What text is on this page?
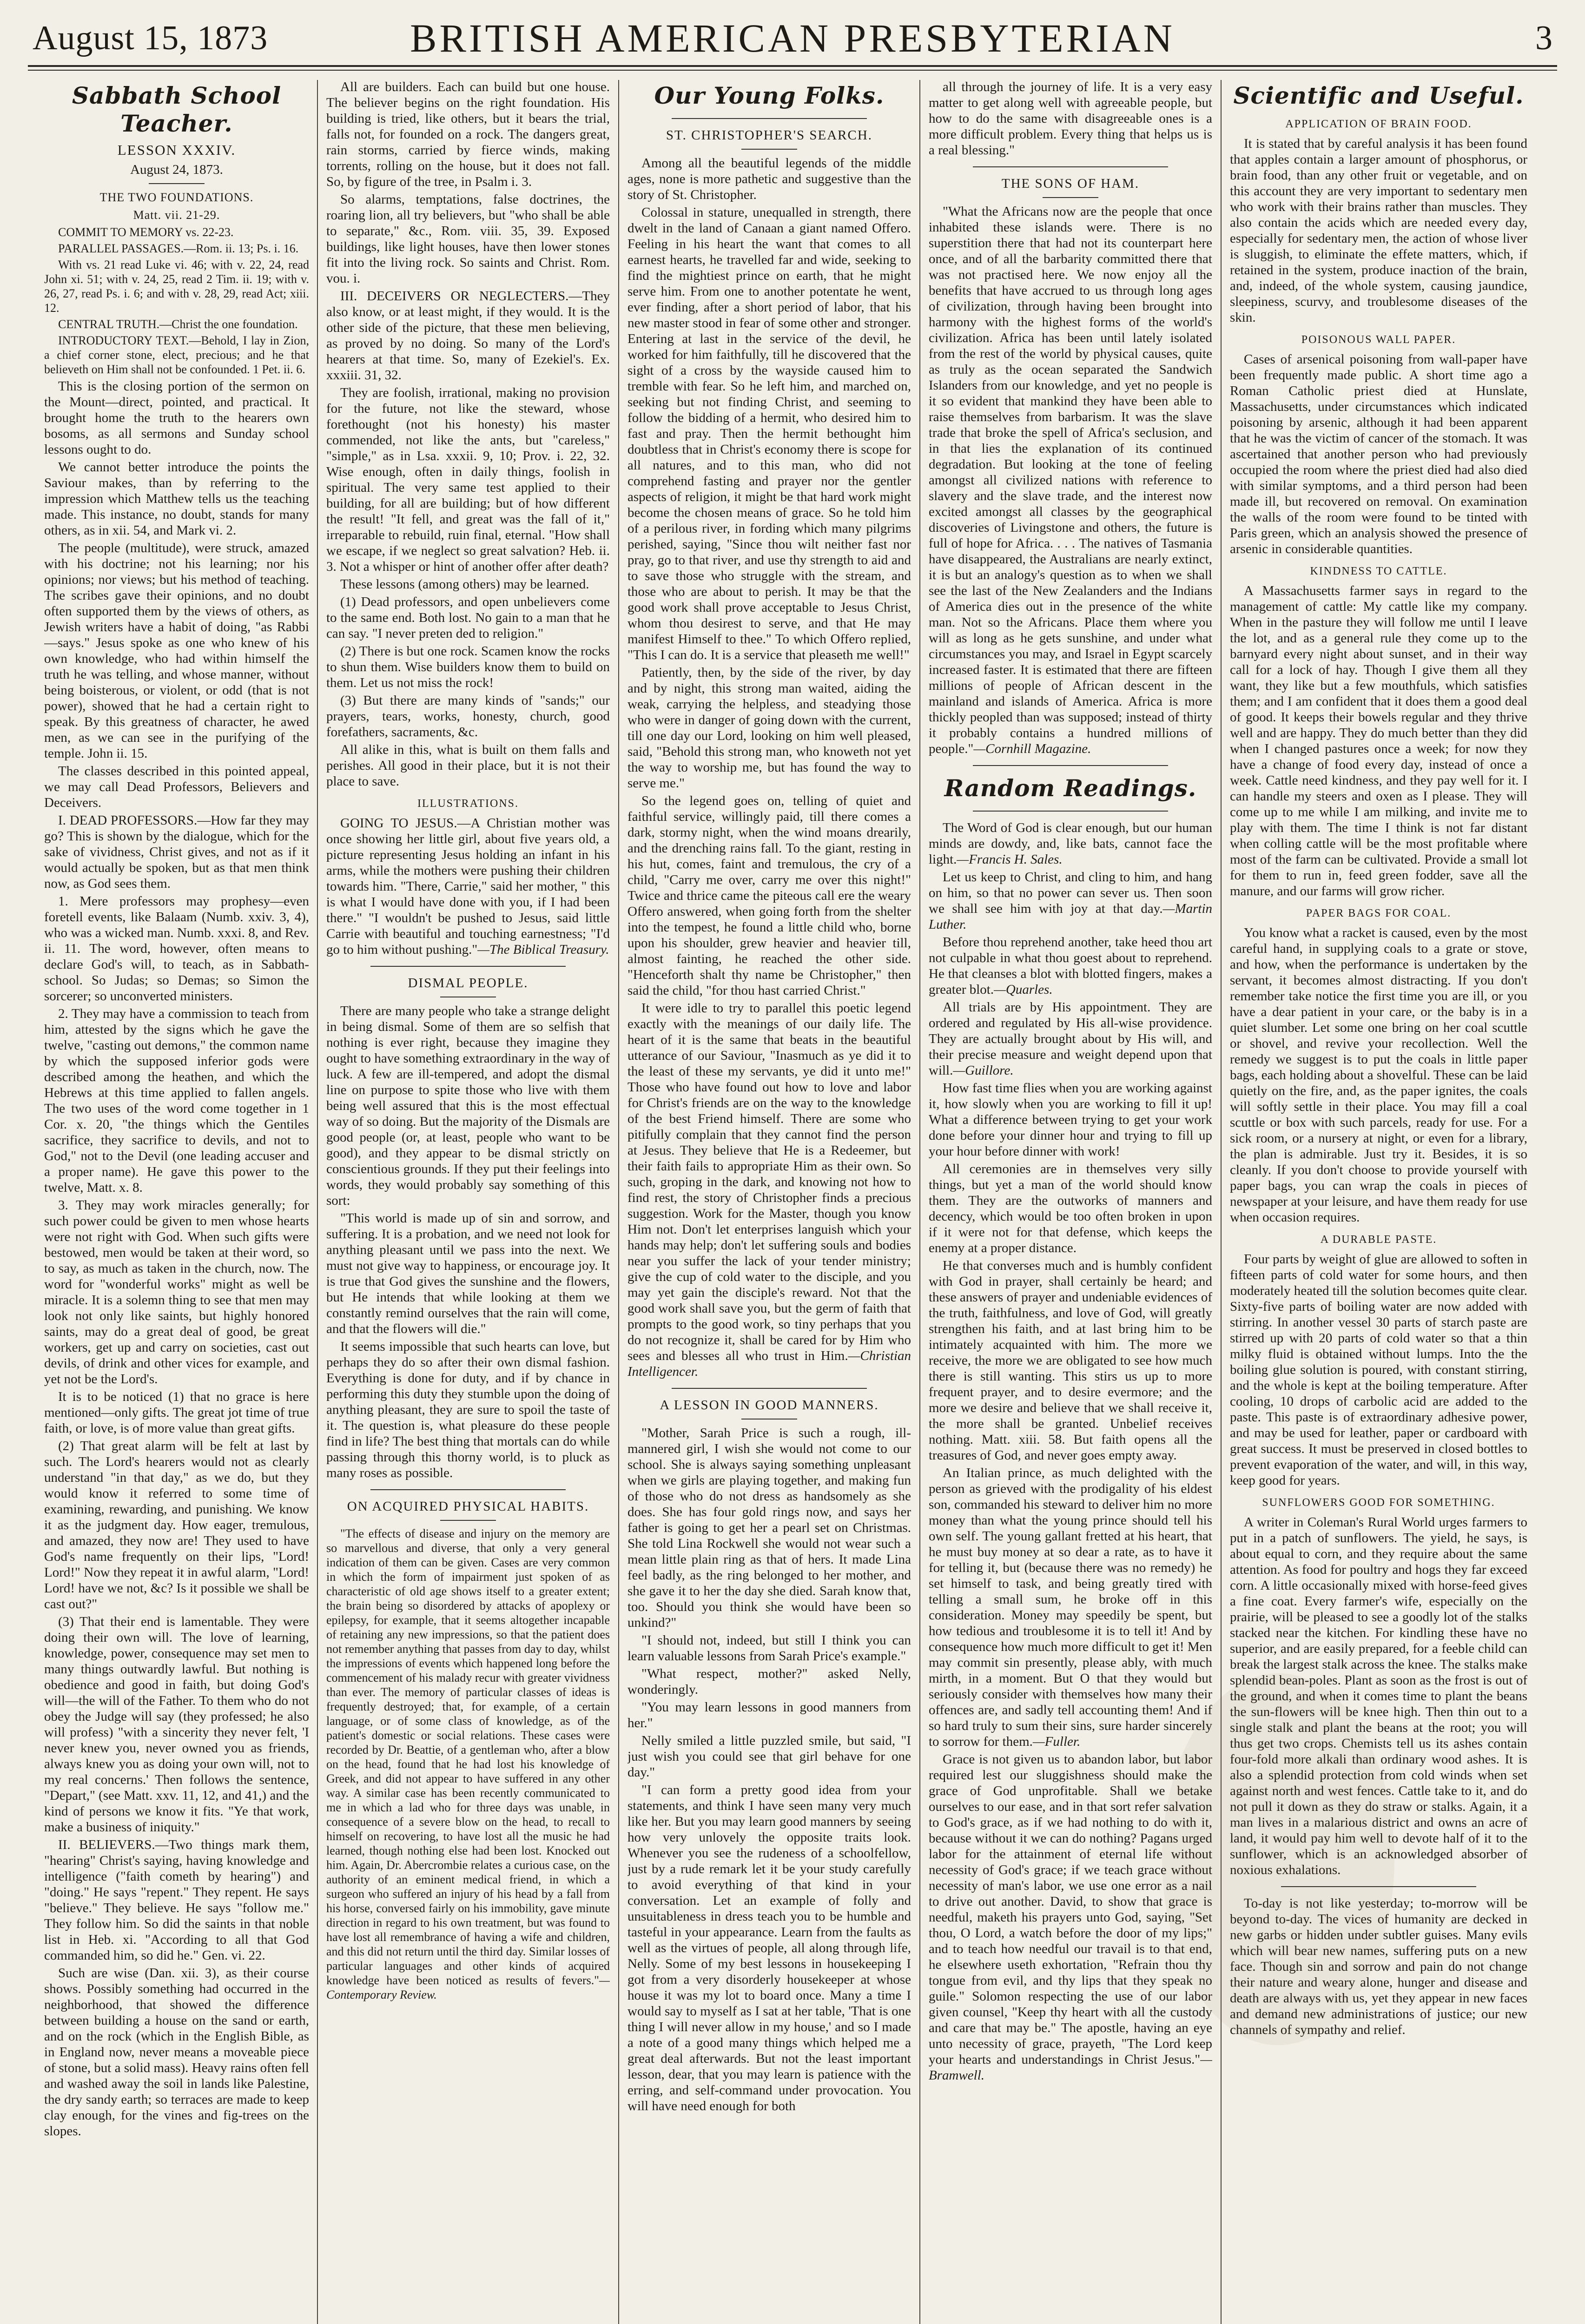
August 15, 1873	BRITISH AMERICAN PRESBYTERIAN	3
Sabbath School Teacher.
LESSON XXXIV.
August 24, 1873.
THE TWO FOUNDATIONS.
Matt. vii. 21-29.

COMMIT TO MEMORY vs. 22-23.

PARALLEL PASSAGES.—Rom. ii. 13; Ps. i. 16.

With vs. 21 read Luke vi. 46; with v. 22, 24, read John xi. 51; with v. 24, 25, read 2 Tim. ii. 19; with v. 26, 27, read Ps. i. 6; and with v. 28, 29, read Act; xiii. 12.

CENTRAL TRUTH.—Christ the one foundation.

INTRODUCTORY TEXT.—Behold, I lay in Zion, a chief corner stone, elect, precious; and he that believeth on Him shall not be confounded. 1 Pet. ii. 6.

This is the closing portion of the sermon on the Mount—direct, pointed, and practical. It brought home the truth to the hearers own bosoms, as all sermons and Sunday school lessons ought to do.

We cannot better introduce the points the Saviour makes, than by referring to the impression which Matthew tells us the teaching made. This instance, no doubt, stands for many others, as in xii. 54, and Mark vi. 2.

The people (multitude), were struck, amazed with his doctrine; not his learning; nor his opinions; nor views; but his method of teaching. The scribes gave their opinions, and no doubt often supported them by the views of others, as Jewish writers have a habit of doing, "as Rabbi—says." Jesus spoke as one who knew of his own knowledge, who had within himself the truth he was telling, and whose manner, without being boisterous, or violent, or odd (that is not power), showed that he had a certain right to speak. By this greatness of character, he awed men, as we can see in the purifying of the temple. John ii. 15.

The classes described in this pointed appeal, we may call Dead Professors, Believers and Deceivers.

I. DEAD PROFESSORS.—How far they may go? This is shown by the dialogue, which for the sake of vividness, Christ gives, and not as if it would actually be spoken, but as that men think now, as God sees them.

1. Mere professors may prophesy—even foretell events, like Balaam (Numb. xxiv. 3, 4), who was a wicked man. Numb. xxxi. 8, and Rev. ii. 11. The word, however, often means to declare God's will, to teach, as in Sabbath-school. So Judas; so Demas; so Simon the sorcerer; so unconverted ministers.

2. They may have a commission to teach from him, attested by the signs which he gave the twelve, "casting out demons," the common name by which the supposed inferior gods were described among the heathen, and which the Hebrews at this time applied to fallen angels. The two uses of the word come together in 1 Cor. x. 20, "the things which the Gentiles sacrifice, they sacrifice to devils, and not to God," not to the Devil (one leading accuser and a proper name). He gave this power to the twelve, Matt. x. 8.

3. They may work miracles generally; for such power could be given to men whose hearts were not right with God. When such gifts were bestowed, men would be taken at their word, so to say, as much as taken in the church, now. The word for "wonderful works" might as well be miracle. It is a solemn thing to see that men may look not only like saints, but highly honored saints, may do a great deal of good, be great workers, get up and carry on societies, cast out devils, of drink and other vices for example, and yet not be the Lord's.

It is to be noticed (1) that no grace is here mentioned—only gifts. The great jot time of true faith, or love, is of more value than great gifts.

(2) That great alarm will be felt at last by such. The Lord's hearers would not as clearly understand "in that day," as we do, but they would know it referred to some time of examining, rewarding, and punishing. We know it as the judgment day. How eager, tremulous, and amazed, they now are! They used to have God's name frequently on their lips, "Lord! Lord!" Now they repeat it in awful alarm, "Lord! Lord! have we not, &c? Is it possible we shall be cast out?"

(3) That their end is lamentable. They were doing their own will. The love of learning, knowledge, power, consequence may set men to many things outwardly lawful. But nothing is obedience and good in faith, but doing God's will—the will of the Father. To them who do not obey the Judge will say (they professed; he also will profess) "with a sincerity they never felt, 'I never knew you, never owned you as friends, always knew you as doing your own will, not to my real concerns.' Then follows the sentence, "Depart," (see Matt. xxv. 11, 12, and 41,) and the kind of persons we know it fits. "Ye that work, make a business of iniquity."

II. BELIEVERS.—Two things mark them, "hearing" Christ's saying, having knowledge and intelligence ("faith cometh by hearing") and "doing." He says "repent." They repent. He says "believe." They believe. He says "follow me." They follow him. So did the saints in that noble list in Heb. xi. "According to all that God commanded him, so did he." Gen. vi. 22.

Such are wise (Dan. xii. 3), as their course shows. Possibly something had occurred in the neighborhood, that showed the difference between building a house on the sand or earth, and on the rock (which in the English Bible, as in England now, never means a moveable piece of stone, but a solid mass). Heavy rains often fell and washed away the soil in lands like Palestine, the dry sandy earth; so terraces are made to keep clay enough, for the vines and fig-trees on the slopes.

All are builders. Each can build but one house. The believer begins on the right foundation. His building is tried, like others, but it bears the trial, falls not, for founded on a rock. The dangers great, rain storms, carried by fierce winds, making torrents, rolling on the house, but it does not fall. So, by figure of the tree, in Psalm i. 3.

So alarms, temptations, false doctrines, the roaring lion, all try believers, but "who shall be able to separate," &c., Rom. viii. 35, 39. Exposed buildings, like light houses, have then lower stones fit into the living rock. So saints and Christ. Rom. vou. i.

III. DECEIVERS OR NEGLECTERS.—They also know, or at least might, if they would. It is the other side of the picture, that these men believing, as proved by no doing. So many of the Lord's hearers at that time. So, many of Ezekiel's. Ex. xxxiii. 31, 32.

They are foolish, irrational, making no provision for the future, not like the steward, whose forethought (not his honesty) his master commended, not like the ants, but "careless," "simple," as in Lsa. xxxii. 9, 10; Prov. i. 22, 32. Wise enough, often in daily things, foolish in spiritual. The very same test applied to their building, for all are building; but of how different the result! "It fell, and great was the fall of it," irreparable to rebuild, ruin final, eternal. "How shall we escape, if we neglect so great salvation? Heb. ii. 3. Not a whisper or hint of another offer after death?

These lessons (among others) may be learned.

(1) Dead professors, and open unbelievers come to the same end. Both lost. No gain to a man that he can say. "I never preten ded to religion."

(2) There is but one rock. Scamen know the rocks to shun them. Wise builders know them to build on them. Let us not miss the rock!

(3) But there are many kinds of "sands;" our prayers, tears, works, honesty, church, good forefathers, sacraments, &c.

All alike in this, what is built on them falls and perishes. All good in their place, but it is not their place to save.

ILLUSTRATIONS.

GOING TO JESUS.—A Christian mother was once showing her little girl, about five years old, a picture representing Jesus holding an infant in his arms, while the mothers were pushing their children towards him. "There, Carrie," said her mother, " this is what I would have done with you, if I had been there." "I wouldn't be pushed to Jesus, said little Carrie with beautiful and touching earnestness; "I'd go to him without pushing."—The Biblical Treasury.

DISMAL PEOPLE.

There are many people who take a strange delight in being dismal. Some of them are so selfish that nothing is ever right, because they imagine they ought to have something extraordinary in the way of luck. A few are ill-tempered, and adopt the dismal line on purpose to spite those who live with them being well assured that this is the most effectual way of so doing. But the majority of the Dismals are good people (or, at least, people who want to be good), and they appear to be dismal strictly on conscientious grounds. If they put their feelings into words, they would probably say something of this sort:

"This world is made up of sin and sorrow, and suffering. It is a probation, and we need not look for anything pleasant until we pass into the next. We must not give way to happiness, or encourage joy. It is true that God gives the sunshine and the flowers, but He intends that while looking at them we constantly remind ourselves that the rain will come, and that the flowers will die."

It seems impossible that such hearts can love, but perhaps they do so after their own dismal fashion. Everything is done for duty, and if by chance in performing this duty they stumble upon the doing of anything pleasant, they are sure to spoil the taste of it. The question is, what pleasure do these people find in life? The best thing that mortals can do while passing through this thorny world, is to pluck as many roses as possible.

ON ACQUIRED PHYSICAL HABITS.

"The effects of disease and injury on the memory are so marvellous and diverse, that only a very general indication of them can be given. Cases are very common in which the form of impairment just spoken of as characteristic of old age shows itself to a greater extent; the brain being so disordered by attacks of apoplexy or epilepsy, for example, that it seems altogether incapable of retaining any new impressions, so that the patient does not remember anything that passes from day to day, whilst the impressions of events which happened long before the commencement of his malady recur with greater vividness than ever. The memory of particular classes of ideas is frequently destroyed; that, for example, of a certain language, or of some class of knowledge, as of the patient's domestic or social relations. These cases were recorded by Dr. Beattie, of a gentleman who, after a blow on the head, found that he had lost his knowledge of Greek, and did not appear to have suffered in any other way. A similar case has been recently communicated to me in which a lad who for three days was unable, in consequence of a severe blow on the head, to recall to himself on recovering, to have lost all the music he had learned, though nothing else had been lost. Knocked out him. Again, Dr. Abercrombie relates a curious case, on the authority of an eminent medical friend, in which a surgeon who suffered an injury of his head by a fall from his horse, conversed fairly on his immobility, gave minute direction in regard to his own treatment, but was found to have lost all remembrance of having a wife and children, and this did not return until the third day. Similar losses of particular languages and other kinds of acquired knowledge have been noticed as results of fevers."—Contemporary Review.

Our Young Folks.
ST. CHRISTOPHER'S SEARCH.

Among all the beautiful legends of the middle ages, none is more pathetic and suggestive than the story of St. Christopher.

Colossal in stature, unequalled in strength, there dwelt in the land of Canaan a giant named Offero. Feeling in his heart the want that comes to all earnest hearts, he travelled far and wide, seeking to find the mightiest prince on earth, that he might serve him. From one to another potentate he went, ever finding, after a short period of labor, that his new master stood in fear of some other and stronger. Entering at last in the service of the devil, he worked for him faithfully, till he discovered that the sight of a cross by the wayside caused him to tremble with fear. So he left him, and marched on, seeking but not finding Christ, and seeming to follow the bidding of a hermit, who desired him to fast and pray. Then the hermit bethought him doubtless that in Christ's economy there is scope for all natures, and to this man, who did not comprehend fasting and prayer nor the gentler aspects of religion, it might be that hard work might become the chosen means of grace. So he told him of a perilous river, in fording which many pilgrims perished, saying, "Since thou wilt neither fast nor pray, go to that river, and use thy strength to aid and to save those who struggle with the stream, and those who are about to perish. It may be that the good work shall prove acceptable to Jesus Christ, whom thou desirest to serve, and that He may manifest Himself to thee." To which Offero replied, "This I can do. It is a service that pleaseth me well!"

Patiently, then, by the side of the river, by day and by night, this strong man waited, aiding the weak, carrying the helpless, and steadying those who were in danger of going down with the current, till one day our Lord, looking on him well pleased, said, "Behold this strong man, who knoweth not yet the way to worship me, but has found the way to serve me."

So the legend goes on, telling of quiet and faithful service, willingly paid, till there comes a dark, stormy night, when the wind moans drearily, and the drenching rains fall. To the giant, resting in his hut, comes, faint and tremulous, the cry of a child, "Carry me over, carry me over this night!" Twice and thrice came the piteous call ere the weary Offero answered, when going forth from the shelter into the tempest, he found a little child who, borne upon his shoulder, grew heavier and heavier till, almost fainting, he reached the other side. "Henceforth shalt thy name be Christopher," then said the child, "for thou hast carried Christ."

It were idle to try to parallel this poetic legend exactly with the meanings of our daily life. The heart of it is the same that beats in the beautiful utterance of our Saviour, "Inasmuch as ye did it to the least of these my servants, ye did it unto me!" Those who have found out how to love and labor for Christ's friends are on the way to the knowledge of the best Friend himself. There are some who pitifully complain that they cannot find the person at Jesus. They believe that He is a Redeemer, but their faith fails to appropriate Him as their own. So such, groping in the dark, and knowing not how to find rest, the story of Christopher finds a precious suggestion. Work for the Master, though you know Him not. Don't let enterprises languish which your hands may help; don't let suffering souls and bodies near you suffer the lack of your tender ministry; give the cup of cold water to the disciple, and you may yet gain the disciple's reward. Not that the good work shall save you, but the germ of faith that prompts to the good work, so tiny perhaps that you do not recognize it, shall be cared for by Him who sees and blesses all who trust in Him.—Christian Intelligencer.

A LESSON IN GOOD MANNERS.

"Mother, Sarah Price is such a rough, ill-mannered girl, I wish she would not come to our school. She is always saying something unpleasant when we girls are playing together, and making fun of those who do not dress as handsomely as she does. She has four gold rings now, and says her father is going to get her a pearl set on Christmas. She told Lina Rockwell she would not wear such a mean little plain ring as that of hers. It made Lina feel badly, as the ring belonged to her mother, and she gave it to her the day she died. Sarah know that, too. Should you think she would have been so unkind?"

"I should not, indeed, but still I think you can learn valuable lessons from Sarah Price's example."

"What respect, mother?" asked Nelly, wonderingly.

"You may learn lessons in good manners from her."

Nelly smiled a little puzzled smile, but said, "I just wish you could see that girl behave for one day."

"I can form a pretty good idea from your statements, and think I have seen many very much like her. But you may learn good manners by seeing how very unlovely the opposite traits look. Whenever you see the rudeness of a schoolfellow, just by a rude remark let it be your study carefully to avoid everything of that kind in your conversation. Let an example of folly and unsuitableness in dress teach you to be humble and tasteful in your appearance. Learn from the faults as well as the virtues of people, all along through life, Nelly. Some of my best lessons in housekeeping I got from a very disorderly housekeeper at whose house it was my lot to board once. Many a time I would say to myself as I sat at her table, 'That is one thing I will never allow in my house,' and so I made a note of a good many things which helped me a great deal afterwards. But not the least important lesson, dear, that you may learn is patience with the erring, and self-command under provocation. You will have need enough for both

all through the journey of life. It is a very easy matter to get along well with agreeable people, but how to do the same with disagreeable ones is a more difficult problem. Every thing that helps us is a real blessing."

THE SONS OF HAM.

"What the Africans now are the people that once inhabited these islands were. There is no superstition there that had not its counterpart here once, and of all the barbarity committed there that was not practised here. We now enjoy all the benefits that have accrued to us through long ages of civilization, through having been brought into harmony with the highest forms of the world's civilization. Africa has been until lately isolated from the rest of the world by physical causes, quite as truly as the ocean separated the Sandwich Islanders from our knowledge, and yet no people is it so evident that mankind they have been able to raise themselves from barbarism. It was the slave trade that broke the spell of Africa's seclusion, and in that lies the explanation of its continued degradation. But looking at the tone of feeling amongst all civilized nations with reference to slavery and the slave trade, and the interest now excited amongst all classes by the geographical discoveries of Livingstone and others, the future is full of hope for Africa. . . . The natives of Tasmania have disappeared, the Australians are nearly extinct, it is but an analogy's question as to when we shall see the last of the New Zealanders and the Indians of America dies out in the presence of the white man. Not so the Africans. Place them where you will as long as he gets sunshine, and under what circumstances you may, and Israel in Egypt scarcely increased faster. It is estimated that there are fifteen millions of people of African descent in the mainland and islands of America. Africa is more thickly peopled than was supposed; instead of thirty it probably contains a hundred millions of people."—Cornhill Magazine.

Random Readings.

The Word of God is clear enough, but our human minds are dowdy, and, like bats, cannot face the light.—Francis H. Sales.

Let us keep to Christ, and cling to him, and hang on him, so that no power can sever us. Then soon we shall see him with joy at that day.—Martin Luther.

Before thou reprehend another, take heed thou art not culpable in what thou goest about to reprehend. He that cleanses a blot with blotted fingers, makes a greater blot.—Quarles.

All trials are by His appointment. They are ordered and regulated by His all-wise providence. They are actually brought about by His will, and their precise measure and weight depend upon that will.—Guillore.

How fast time flies when you are working against it, how slowly when you are working to fill it up! What a difference between trying to get your work done before your dinner hour and trying to fill up your hour before dinner with work!

All ceremonies are in themselves very silly things, but yet a man of the world should know them. They are the outworks of manners and decency, which would be too often broken in upon if it were not for that defense, which keeps the enemy at a proper distance.

He that converses much and is humbly confident with God in prayer, shall certainly be heard; and these answers of prayer and undeniable evidences of the truth, faithfulness, and love of God, will greatly strengthen his faith, and at last bring him to be intimately acquainted with him. The more we receive, the more we are obligated to see how much there is still wanting. This stirs us up to more frequent prayer, and to desire evermore; and the more we desire and believe that we shall receive it, the more shall be granted. Unbelief receives nothing. Matt. xiii. 58. But faith opens all the treasures of God, and never goes empty away.

An Italian prince, as much delighted with the person as grieved with the prodigality of his eldest son, commanded his steward to deliver him no more money than what the young prince should tell his own self. The young gallant fretted at his heart, that he must buy money at so dear a rate, as to have it for telling it, but (because there was no remedy) he set himself to task, and being greatly tired with telling a small sum, he broke off in this consideration. Money may speedily be spent, but how tedious and troublesome it is to tell it! And by consequence how much more difficult to get it! Men may commit sin presently, please ably, with much mirth, in a moment. But O that they would but seriously consider with themselves how many their offences are, and sadly tell accounting them! And if so hard truly to sum their sins, sure harder sincerely to sorrow for them.—Fuller.

Grace is not given us to abandon labor, but labor required lest our sluggishness should make the grace of God unprofitable. Shall we betake ourselves to our ease, and in that sort refer salvation to God's grace, as if we had nothing to do with it, because without it we can do nothing? Pagans urged labor for the attainment of eternal life without necessity of God's grace; if we teach grace without necessity of man's labor, we use one error as a nail to drive out another. David, to show that grace is needful, maketh his prayers unto God, saying, "Set thou, O Lord, a watch before the door of my lips;" and to teach how needful our travail is to that end, he elsewhere useth exhortation, "Refrain thou thy tongue from evil, and thy lips that they speak no guile." Solomon respecting the use of our labor given counsel, "Keep thy heart with all the custody and care that may be." The apostle, having an eye unto necessity of grace, prayeth, "The Lord keep your hearts and understandings in Christ Jesus."—Bramwell.

Scientific and Useful.
APPLICATION OF BRAIN FOOD.

It is stated that by careful analysis it has been found that apples contain a larger amount of phosphorus, or brain food, than any other fruit or vegetable, and on this account they are very important to sedentary men who work with their brains rather than muscles. They also contain the acids which are needed every day, especially for sedentary men, the action of whose liver is sluggish, to eliminate the effete matters, which, if retained in the system, produce inaction of the brain, and, indeed, of the whole system, causing jaundice, sleepiness, scurvy, and troublesome diseases of the skin.

POISONOUS WALL PAPER.

Cases of arsenical poisoning from wall-paper have been frequently made public. A short time ago a Roman Catholic priest died at Hunslate, Massachusetts, under circumstances which indicated poisoning by arsenic, although it had been apparent that he was the victim of cancer of the stomach. It was ascertained that another person who had previously occupied the room where the priest died had also died with similar symptoms, and a third person had been made ill, but recovered on removal. On examination the walls of the room were found to be tinted with Paris green, which an analysis showed the presence of arsenic in considerable quantities.

KINDNESS TO CATTLE.

A Massachusetts farmer says in regard to the management of cattle: My cattle like my company. When in the pasture they will follow me until I leave the lot, and as a general rule they come up to the barnyard every night about sunset, and in their way call for a lock of hay. Though I give them all they want, they like but a few mouthfuls, which satisfies them; and I am confident that it does them a good deal of good. It keeps their bowels regular and they thrive well and are happy. They do much better than they did when I changed pastures once a week; for now they have a change of food every day, instead of once a week. Cattle need kindness, and they pay well for it. I can handle my steers and oxen as I please. They will come up to me while I am milking, and invite me to play with them. The time I think is not far distant when colling cattle will be the most profitable where most of the farm can be cultivated. Provide a small lot for them to run in, feed green fodder, save all the manure, and our farms will grow richer.

PAPER BAGS FOR COAL.

You know what a racket is caused, even by the most careful hand, in supplying coals to a grate or stove, and how, when the performance is undertaken by the servant, it becomes almost distracting. If you don't remember take notice the first time you are ill, or you have a dear patient in your care, or the baby is in a quiet slumber. Let some one bring on her coal scuttle or shovel, and revive your recollection. Well the remedy we suggest is to put the coals in little paper bags, each holding about a shovelful. These can be laid quietly on the fire, and, as the paper ignites, the coals will softly settle in their place. You may fill a coal scuttle or box with such parcels, ready for use. For a sick room, or a nursery at night, or even for a library, the plan is admirable. Just try it. Besides, it is so cleanly. If you don't choose to provide yourself with paper bags, you can wrap the coals in pieces of newspaper at your leisure, and have them ready for use when occasion requires.

A DURABLE PASTE.

Four parts by weight of glue are allowed to soften in fifteen parts of cold water for some hours, and then moderately heated till the solution becomes quite clear. Sixty-five parts of boiling water are now added with stirring. In another vessel 30 parts of starch paste are stirred up with 20 parts of cold water so that a thin milky fluid is obtained without lumps. Into the the boiling glue solution is poured, with constant stirring, and the whole is kept at the boiling temperature. After cooling, 10 drops of carbolic acid are added to the paste. This paste is of extraordinary adhesive power, and may be used for leather, paper or cardboard with great success. It must be preserved in closed bottles to prevent evaporation of the water, and will, in this way, keep good for years.

SUNFLOWERS GOOD FOR SOMETHING.

A writer in Coleman's Rural World urges farmers to put in a patch of sunflowers. The yield, he says, is about equal to corn, and they require about the same attention. As food for poultry and hogs they far exceed corn. A little occasionally mixed with horse-feed gives a fine coat. Every farmer's wife, especially on the prairie, will be pleased to see a goodly lot of the stalks stacked near the kitchen. For kindling these have no superior, and are easily prepared, for a feeble child can break the largest stalk across the knee. The stalks make splendid bean-poles. Plant as soon as the frost is out of the ground, and when it comes time to plant the beans the sun-flowers will be knee high. Then thin out to a single stalk and plant the beans at the root; you will thus get two crops. Chemists tell us its ashes contain four-fold more alkali than ordinary wood ashes. It is also a splendid protection from cold winds when set against north and west fences. Cattle take to it, and do not pull it down as they do straw or stalks. Again, it a man lives in a malarious district and owns an acre of land, it would pay him well to devote half of it to the sunflower, which is an acknowledged absorber of noxious exhalations.

To-day is not like yesterday; to-morrow will be beyond to-day. The vices of humanity are decked in new garbs or hidden under subtler guises. Many evils which will bear new names, suffering puts on a new face. Though sin and sorrow and pain do not change their nature and weary alone, hunger and disease and death are always with us, yet they appear in new faces and demand new administrations of justice; our new channels of sympathy and relief.
